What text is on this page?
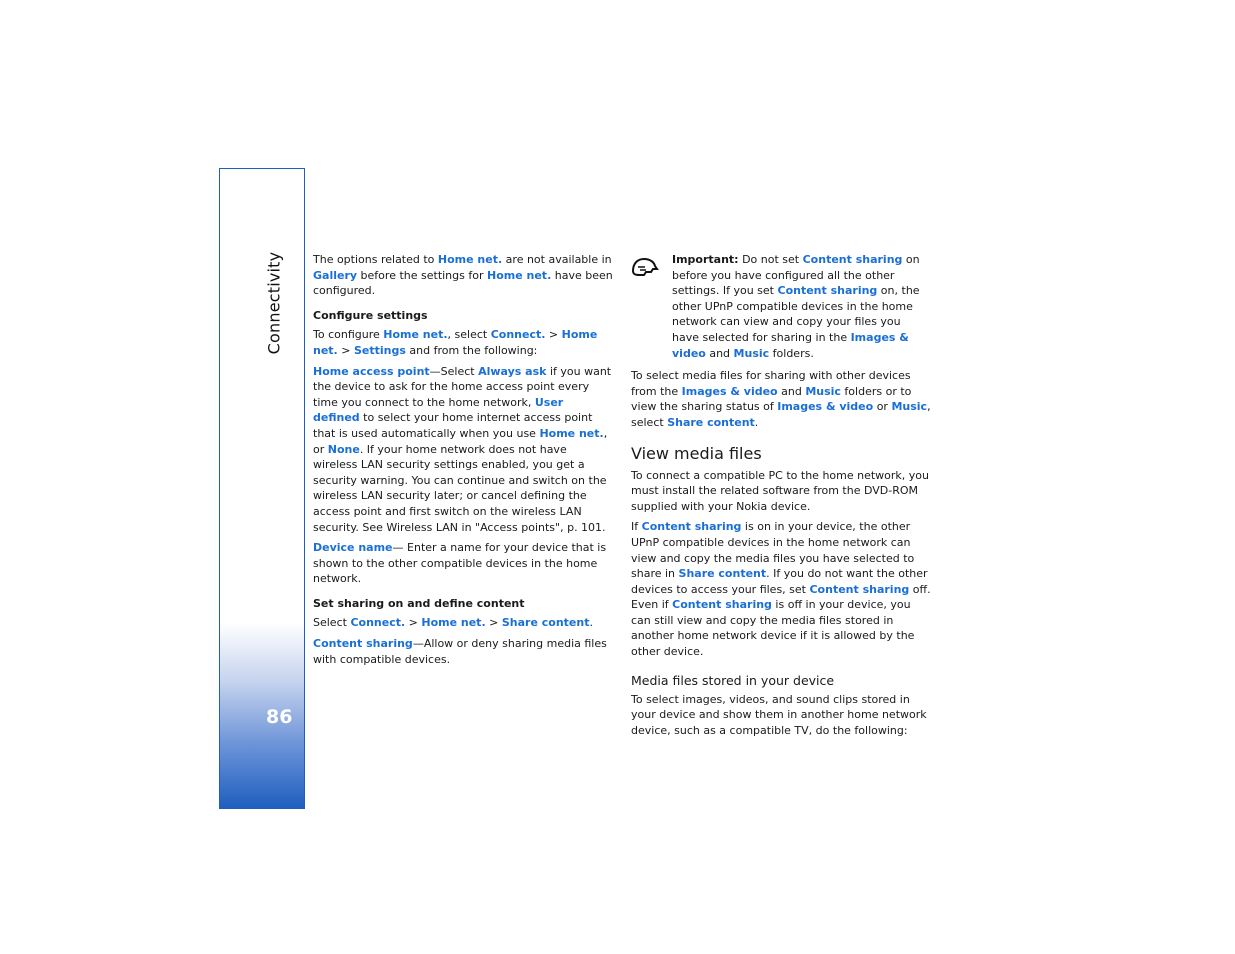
Connectivity
86

The options related to Home net. are not available in Gallery before the settings for Home net. have been configured.

Configure settings

To configure Home net., select Connect. > Home net. > Settings and from the following:

Home access point—Select Always ask if you want the device to ask for the home access point every time you connect to the home network, User defined to select your home internet access point that is used automatically when you use Home net., or None. If your home network does not have wireless LAN security settings enabled, you get a security warning. You can continue and switch on the wireless LAN security later; or cancel defining the access point and first switch on the wireless LAN security. See Wireless LAN in "Access points", p. 101.

Device name— Enter a name for your device that is shown to the other compatible devices in the home network.

Set sharing on and define content

Select Connect. > Home net. > Share content.

Content sharing—Allow or deny sharing media files with compatible devices.

Important: Do not set Content sharing on before you have configured all the other settings. If you set Content sharing on, the other UPnP compatible devices in the home network can view and copy your files you have selected for sharing in the Images & video and Music folders.

To select media files for sharing with other devices from the Images & video and Music folders or to view the sharing status of Images & video or Music, select Share content.

View media files

To connect a compatible PC to the home network, you must install the related software from the DVD-ROM supplied with your Nokia device.

If Content sharing is on in your device, the other UPnP compatible devices in the home network can view and copy the media files you have selected to share in Share content. If you do not want the other devices to access your files, set Content sharing off. Even if Content sharing is off in your device, you can still view and copy the media files stored in another home network device if it is allowed by the other device.

Media files stored in your device

To select images, videos, and sound clips stored in your device and show them in another home network device, such as a compatible TV, do the following:
